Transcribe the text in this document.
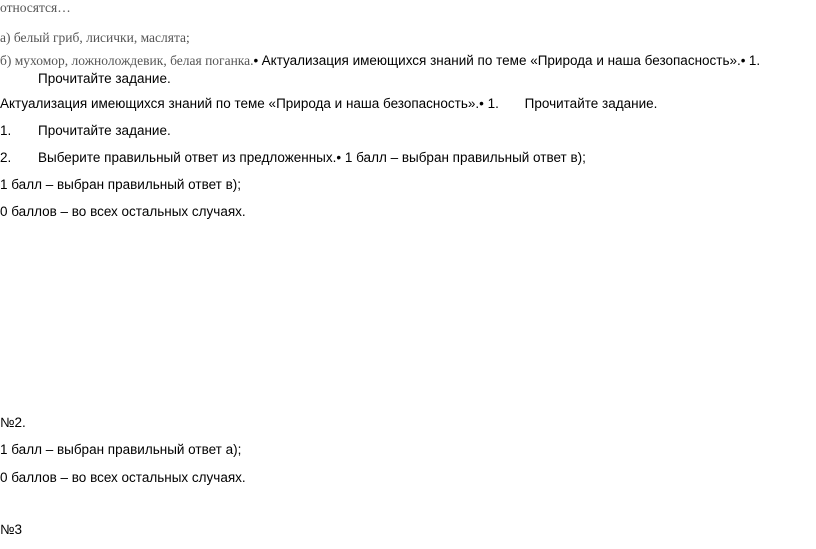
относятся…
а) белый гриб, лисички, маслята;
б) мухомор, ложнолождевик, белая поганка.• Актуализация имеющихся знаний по теме «Природа и наша безопасность».• 1.
Прочитайте задание.
Актуализация имеющихся знаний по теме «Природа и наша безопасность».• 1. Прочитайте задание.
1. Прочитайте задание.
2. Выберите правильный ответ из предложенных.• 1 балл – выбран правильный ответ в);
1 балл – выбран правильный ответ в);
0 баллов – во всех остальных случаях.
№2.
1 балл – выбран правильный ответ а);
0 баллов – во всех остальных случаях.
№3
